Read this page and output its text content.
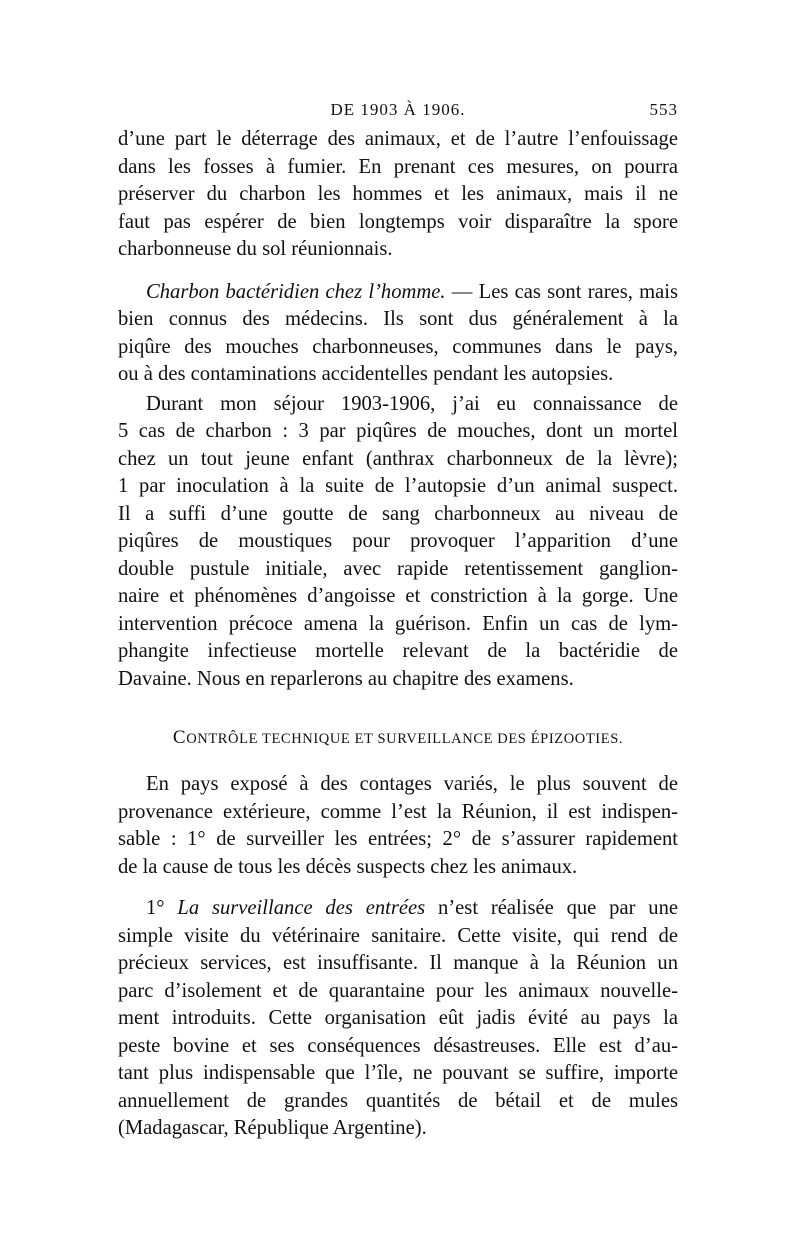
DE 1903 À 1906.	553

d’une part le déterrage des animaux, et de l’autre l’enfouissage
dans les fosses à fumier. En prenant ces mesures, on pourra
préserver du charbon les hommes et les animaux, mais il ne
faut pas espérer de bien longtemps voir disparaître la spore
charbonneuse du sol réunionnais.

Charbon bactéridien chez l’homme. — Les cas sont rares, mais
bien connus des médecins. Ils sont dus généralement à la
piqûre des mouches charbonneuses, communes dans le pays,
ou à des contaminations accidentelles pendant les autopsies.

Durant mon séjour 1903-1906, j’ai eu connaissance de
5 cas de charbon : 3 par piqûres de mouches, dont un mortel
chez un tout jeune enfant (anthrax charbonneux de la lèvre);
1 par inoculation à la suite de l’autopsie d’un animal suspect.
Il a suffi d’une goutte de sang charbonneux au niveau de
piqûres de moustiques pour provoquer l’apparition d’une
double pustule initiale, avec rapide retentissement ganglion-
naire et phénomènes d’angoisse et constriction à la gorge. Une
intervention précoce amena la guérison. Enfin un cas de lym-
phangite infectieuse mortelle relevant de la bactéridie de
Davaine. Nous en reparlerons au chapitre des examens.

CONTRÔLE TECHNIQUE ET SURVEILLANCE DES ÉPIZOOTIES.

En pays exposé à des contages variés, le plus souvent de
provenance extérieure, comme l’est la Réunion, il est indispen-
sable : 1° de surveiller les entrées; 2° de s’assurer rapidement
de la cause de tous les décès suspects chez les animaux.

1° La surveillance des entrées n’est réalisée que par une
simple visite du vétérinaire sanitaire. Cette visite, qui rend de
précieux services, est insuffisante. Il manque à la Réunion un
parc d’isolement et de quarantaine pour les animaux nouvelle-
ment introduits. Cette organisation eût jadis évité au pays la
peste bovine et ses conséquences désastreuses. Elle est d’au-
tant plus indispensable que l’île, ne pouvant se suffire, importe
annuellement de grandes quantités de bétail et de mules
(Madagascar, République Argentine).
